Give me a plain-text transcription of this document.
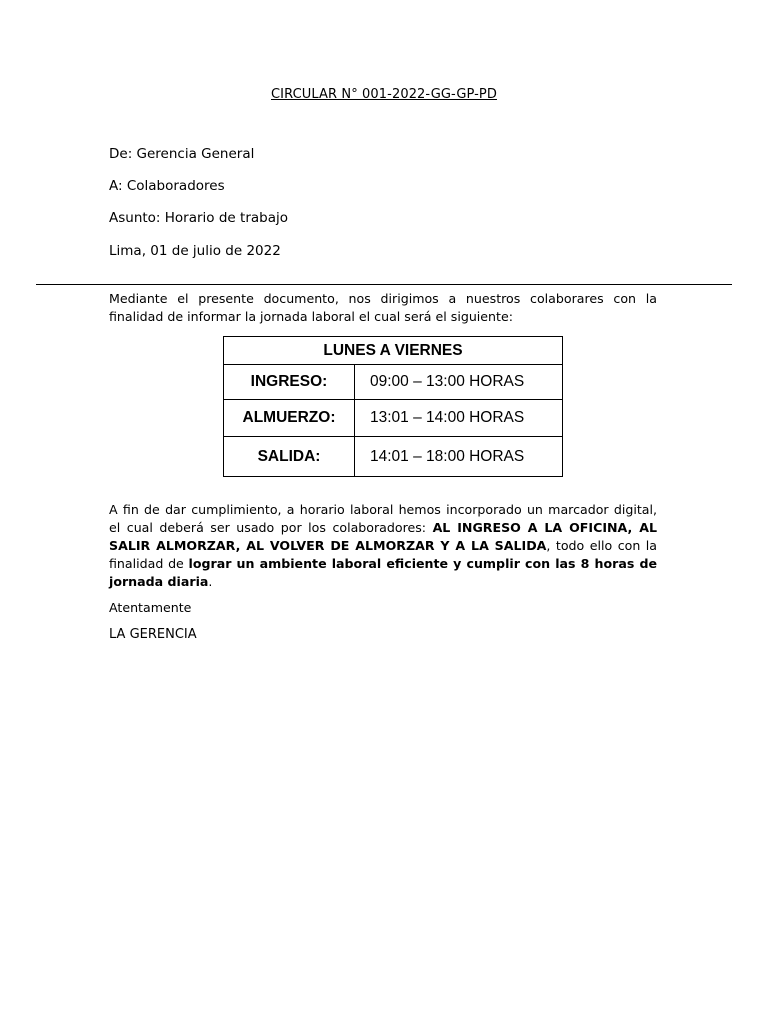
CIRCULAR N° 001-2022-GG-GP-PD
De: Gerencia General
A: Colaboradores
Asunto: Horario de trabajo
Lima, 01 de julio de 2022
Mediante el presente documento, nos dirigimos a nuestros colaborares con la finalidad de informar la jornada laboral el cual será el siguiente:
LUNES A VIERNES	
INGRESO:	09:00 – 13:00 HORAS
ALMUERZO:	13:01 – 14:00 HORAS
SALIDA:	14:01 – 18:00 HORAS
A fin de dar cumplimiento, a horario laboral hemos incorporado un marcador digital, el cual deberá ser usado por los colaboradores: AL INGRESO A LA OFICINA, AL SALIR ALMORZAR, AL VOLVER DE ALMORZAR Y A LA SALIDA, todo ello con la finalidad de lograr un ambiente laboral eficiente y cumplir con las 8 horas de jornada diaria.
Atentamente
LA GERENCIA
